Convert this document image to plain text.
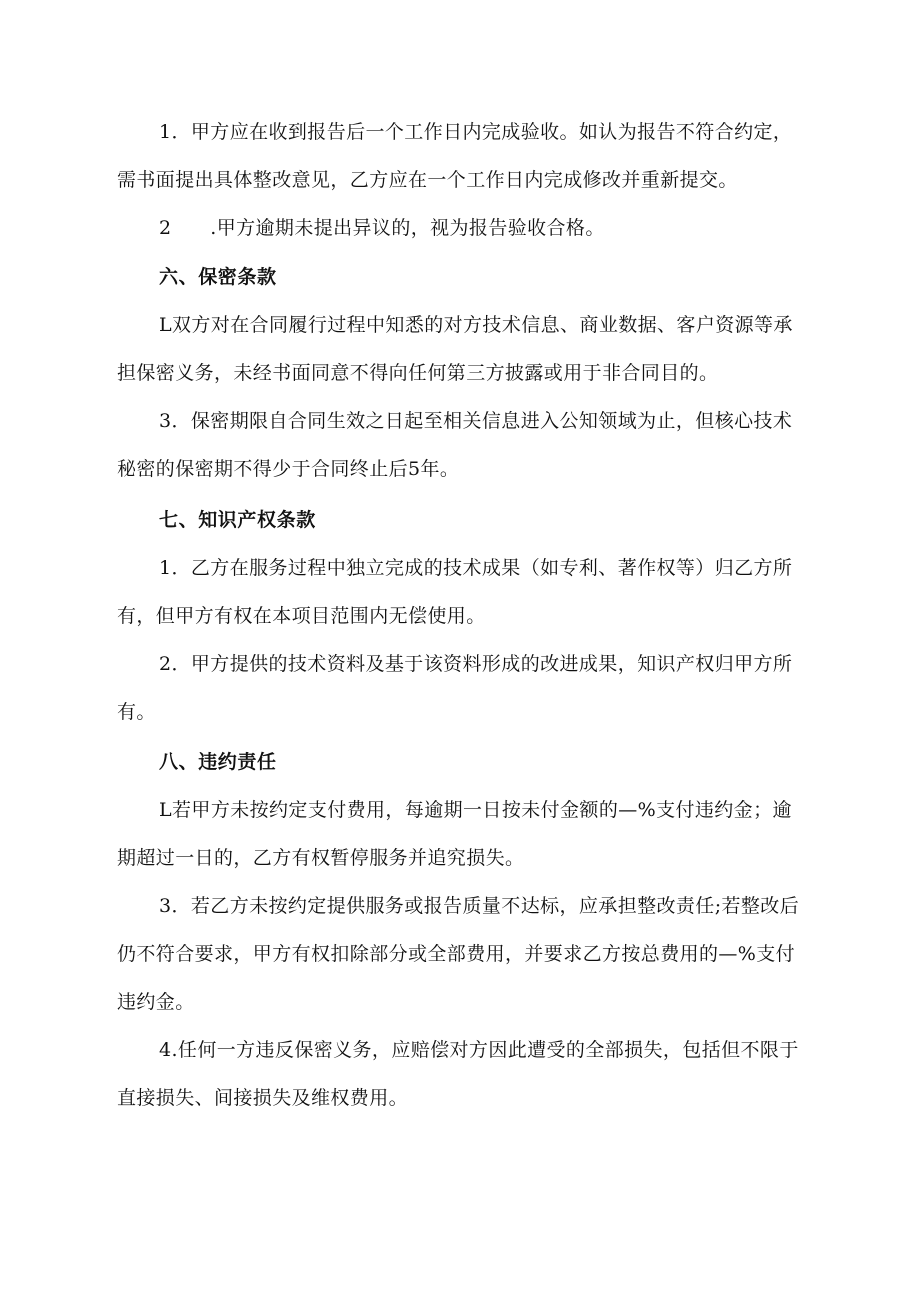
1．甲方应在收到报告后一个工作日内完成验收。如认为报告不符合约定，需书面提出具体整改意见，乙方应在一个工作日内完成修改并重新提交。

2　　.甲方逾期未提出异议的，视为报告验收合格。

六、保密条款

L双方对在合同履行过程中知悉的对方技术信息、商业数据、客户资源等承担保密义务，未经书面同意不得向任何第三方披露或用于非合同目的。

3．保密期限自合同生效之日起至相关信息进入公知领域为止，但核心技术秘密的保密期不得少于合同终止后5年。

七、知识产权条款

1．乙方在服务过程中独立完成的技术成果（如专利、著作权等）归乙方所有，但甲方有权在本项目范围内无偿使用。

2．甲方提供的技术资料及基于该资料形成的改进成果，知识产权归甲方所有。

八、违约责任

L若甲方未按约定支付费用，每逾期一日按未付金额的—%支付违约金；逾期超过一日的，乙方有权暂停服务并追究损失。

3．若乙方未按约定提供服务或报告质量不达标，应承担整改责任;若整改后仍不符合要求，甲方有权扣除部分或全部费用，并要求乙方按总费用的—%支付违约金。

4.任何一方违反保密义务，应赔偿对方因此遭受的全部损失，包括但不限于直接损失、间接损失及维权费用。
